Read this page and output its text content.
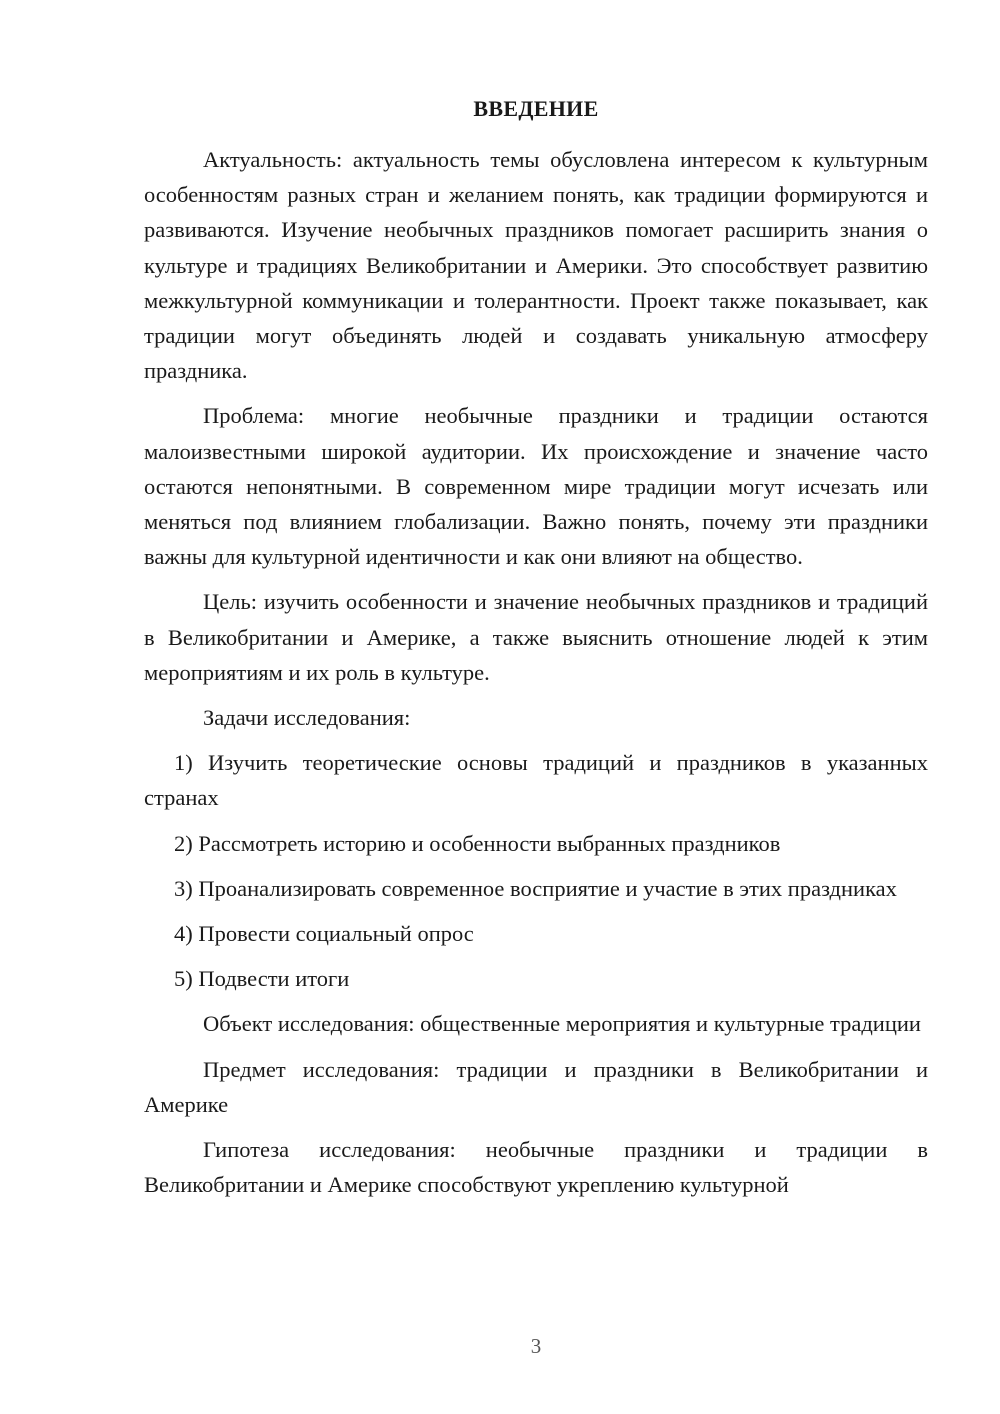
ВВЕДЕНИЕ

Актуальность: актуальность темы обусловлена интересом к культурным особенностям разных стран и желанием понять, как традиции формируются и развиваются. Изучение необычных праздников помогает расширить знания о культуре и традициях Великобритании и Америки. Это способствует развитию межкультурной коммуникации и толерантности. Проект также показывает, как традиции могут объединять людей и создавать уникальную атмосферу праздника.

Проблема: многие необычные праздники и традиции остаются малоизвестными широкой аудитории. Их происхождение и значение часто остаются непонятными. В современном мире традиции могут исчезать или меняться под влиянием глобализации. Важно понять, почему эти праздники важны для культурной идентичности и как они влияют на общество.

Цель: изучить особенности и значение необычных праздников и традиций в Великобритании и Америке, а также выяснить отношение людей к этим мероприятиям и их роль в культуре.

Задачи исследования:

1) Изучить теоретические основы традиций и праздников в указанных странах

2) Рассмотреть историю и особенности выбранных праздников

3) Проанализировать современное восприятие и участие в этих праздниках

4) Провести социальный опрос

5) Подвести итоги

Объект исследования: общественные мероприятия и культурные традиции

Предмет исследования: традиции и праздники в Великобритании и Америке

Гипотеза исследования: необычные праздники и традиции в Великобритании и Америке способствуют укреплению культурной

3
